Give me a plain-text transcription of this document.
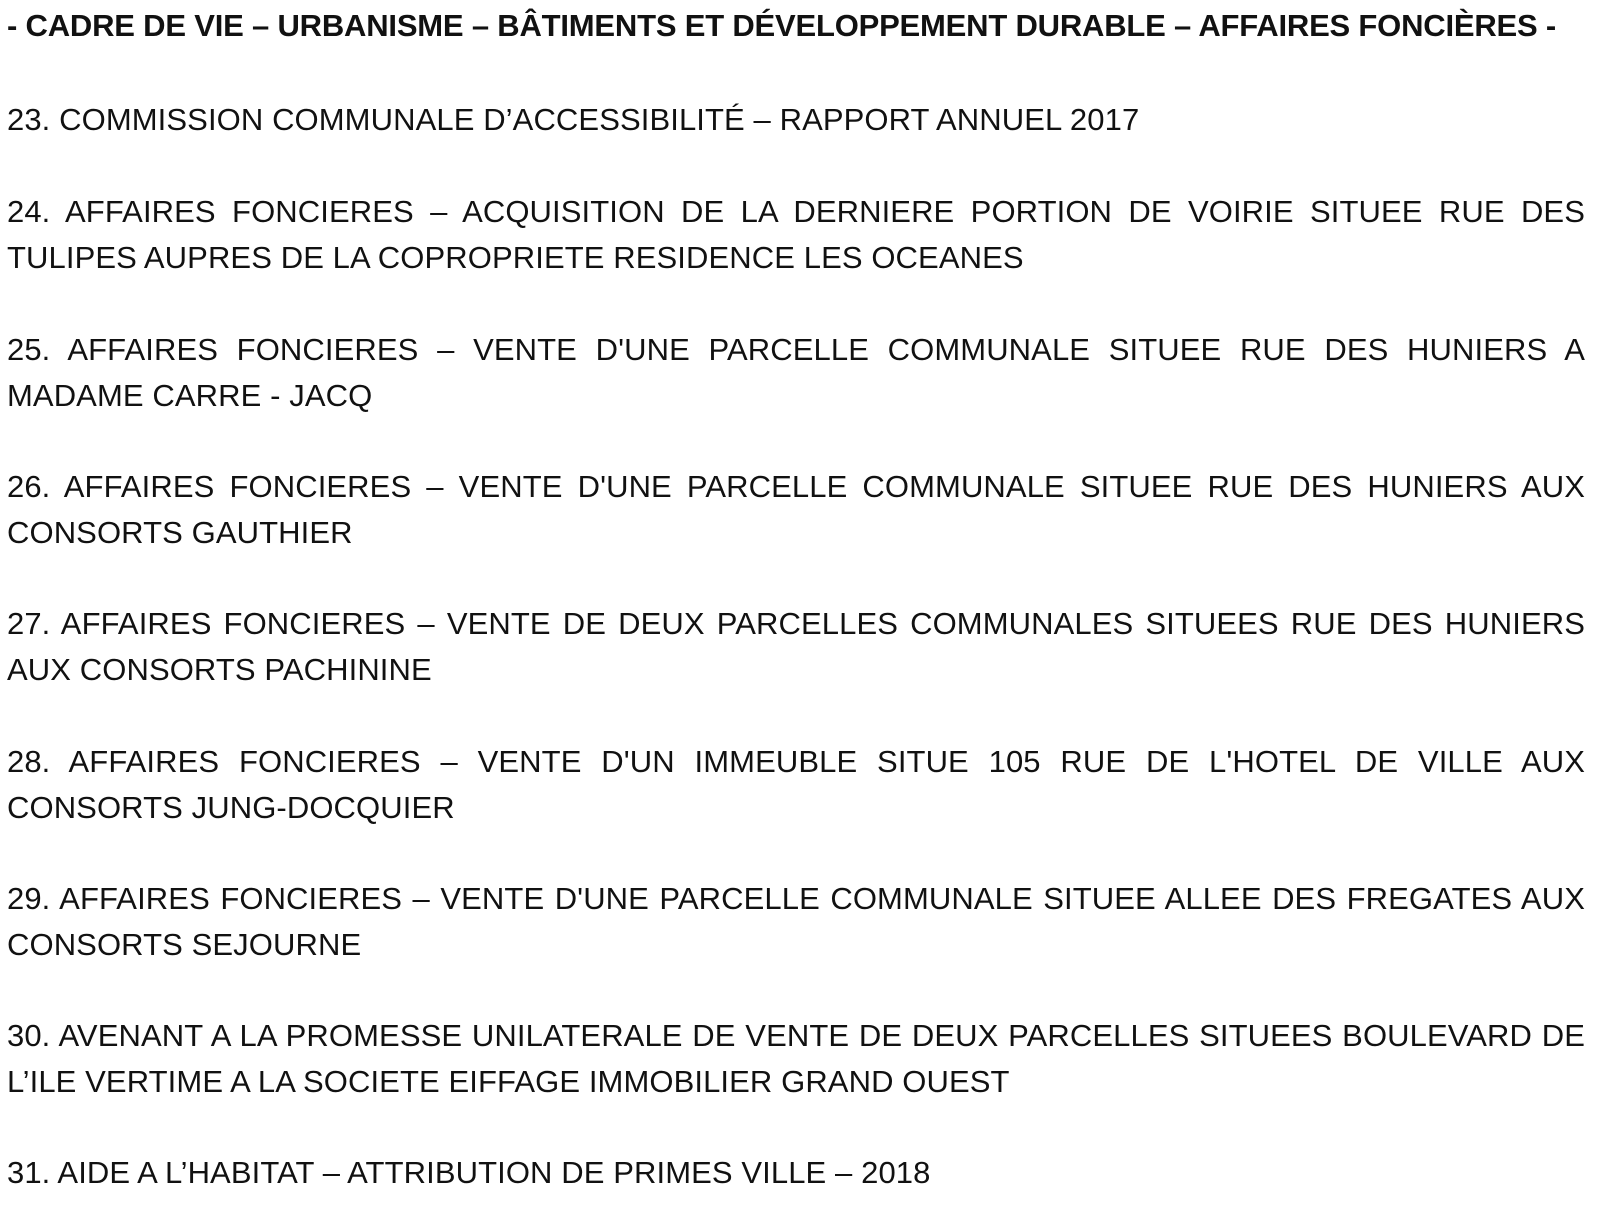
- CADRE DE VIE – URBANISME – BÂTIMENTS ET DÉVELOPPEMENT DURABLE – AFFAIRES FONCIÈRES -
23. COMMISSION COMMUNALE D’ACCESSIBILITÉ – RAPPORT ANNUEL 2017
24. AFFAIRES FONCIERES – ACQUISITION DE LA DERNIERE PORTION DE VOIRIE SITUEE RUE DES TULIPES AUPRES DE LA COPROPRIETE RESIDENCE LES OCEANES
25. AFFAIRES FONCIERES – VENTE D'UNE PARCELLE COMMUNALE SITUEE RUE DES HUNIERS A MADAME CARRE - JACQ
26. AFFAIRES FONCIERES – VENTE D'UNE PARCELLE COMMUNALE SITUEE RUE DES HUNIERS AUX CONSORTS GAUTHIER
27. AFFAIRES FONCIERES – VENTE DE DEUX PARCELLES COMMUNALES SITUEES RUE DES HUNIERS AUX CONSORTS PACHININE
28. AFFAIRES FONCIERES – VENTE D'UN IMMEUBLE SITUE 105 RUE DE L'HOTEL DE VILLE AUX CONSORTS JUNG-DOCQUIER
29. AFFAIRES FONCIERES – VENTE D'UNE PARCELLE COMMUNALE SITUEE ALLEE DES FREGATES AUX CONSORTS SEJOURNE
30. AVENANT A LA PROMESSE UNILATERALE DE VENTE DE DEUX PARCELLES SITUEES BOULEVARD DE L’ILE VERTIME A LA SOCIETE EIFFAGE IMMOBILIER GRAND OUEST
31. AIDE A L’HABITAT – ATTRIBUTION DE PRIMES VILLE – 2018
